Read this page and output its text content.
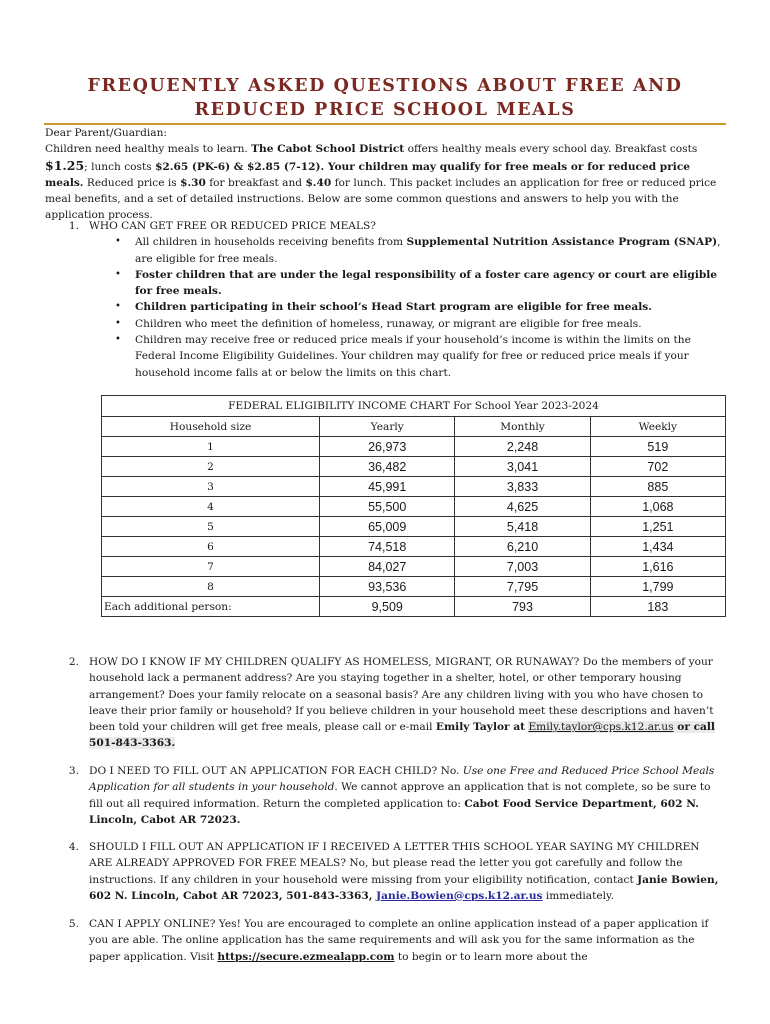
FREQUENTLY ASKED QUESTIONS ABOUT FREE AND
REDUCED PRICE SCHOOL MEALS
Dear Parent/Guardian:
Children need healthy meals to learn. The Cabot School District offers healthy meals every school day. Breakfast costs $1.25; lunch costs $2.65 (PK-6) & $2.85 (7-12). Your children may qualify for free meals or for reduced price meals. Reduced price is $.30 for breakfast and $.40 for lunch. This packet includes an application for free or reduced price meal benefits, and a set of detailed instructions. Below are some common questions and answers to help you with the application process.
1. WHO CAN GET FREE OR REDUCED PRICE MEALS?
• All children in households receiving benefits from Supplemental Nutrition Assistance Program (SNAP), are eligible for free meals.
• Foster children that are under the legal responsibility of a foster care agency or court are eligible for free meals.
• Children participating in their school’s Head Start program are eligible for free meals.
• Children who meet the definition of homeless, runaway, or migrant are eligible for free meals.
• Children may receive free or reduced price meals if your household’s income is within the limits on the Federal Income Eligibility Guidelines. Your children may qualify for free or reduced price meals if your household income falls at or below the limits on this chart.
FEDERAL ELIGIBILITY INCOME CHART For School Year 2023-2024			
Household size	Yearly	Monthly	Weekly
1	26,973	2,248	519
2	36,482	3,041	702
3	45,991	3,833	885
4	55,500	4,625	1,068
5	65,009	5,418	1,251
6	74,518	6,210	1,434
7	84,027	7,003	1,616
8	93,536	7,795	1,799
Each additional person:	9,509	793	183
2. HOW DO I KNOW IF MY CHILDREN QUALIFY AS HOMELESS, MIGRANT, OR RUNAWAY? Do the members of your household lack a permanent address? Are you staying together in a shelter, hotel, or other temporary housing arrangement? Does your family relocate on a seasonal basis? Are any children living with you who have chosen to leave their prior family or household? If you believe children in your household meet these descriptions and haven’t been told your children will get free meals, please call or e-mail Emily Taylor at Emily.taylor@cps.k12.ar.us or call 501-843-3363.
3. DO I NEED TO FILL OUT AN APPLICATION FOR EACH CHILD? No. Use one Free and Reduced Price School Meals Application for all students in your household. We cannot approve an application that is not complete, so be sure to fill out all required information. Return the completed application to: Cabot Food Service Department, 602 N. Lincoln, Cabot AR 72023.
4. SHOULD I FILL OUT AN APPLICATION IF I RECEIVED A LETTER THIS SCHOOL YEAR SAYING MY CHILDREN ARE ALREADY APPROVED FOR FREE MEALS? No, but please read the letter you got carefully and follow the instructions. If any children in your household were missing from your eligibility notification, contact Janie Bowien, 602 N. Lincoln, Cabot AR 72023, 501-843-3363, Janie.Bowien@cps.k12.ar.us immediately.
5. CAN I APPLY ONLINE? Yes! You are encouraged to complete an online application instead of a paper application if you are able. The online application has the same requirements and will ask you for the same information as the paper application. Visit https://secure.ezmealapp.com to begin or to learn more about the
